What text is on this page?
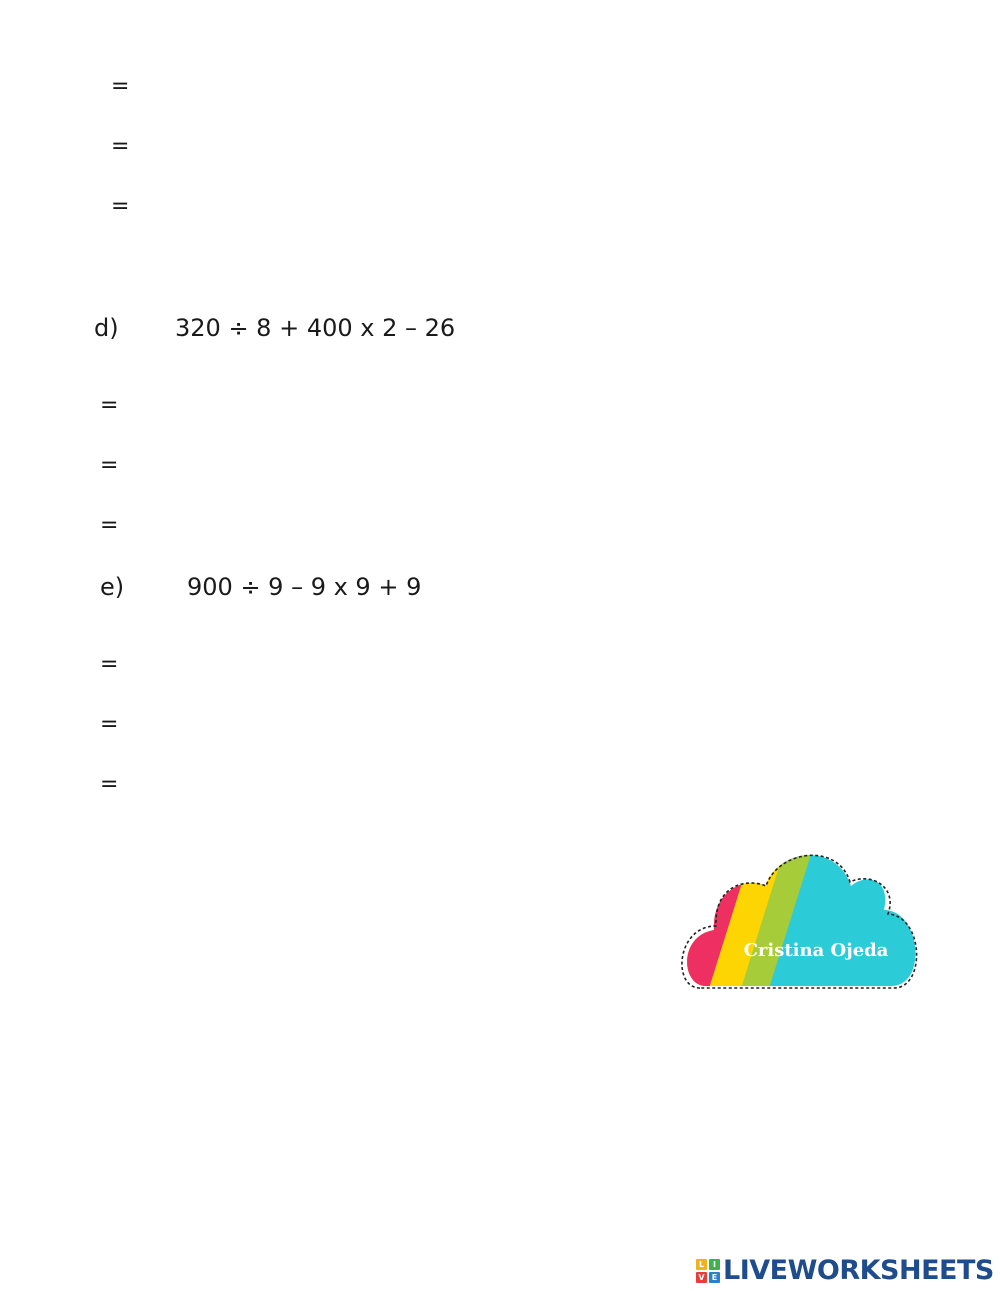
=
=
=
d) 320 ÷ 8 + 400 x 2 – 26
=
=
=
e)	900 ÷ 9 – 9 x 9 + 9
=
=
=
Cristina Ojeda
L	I
V E LIVEWORKSHEETS
